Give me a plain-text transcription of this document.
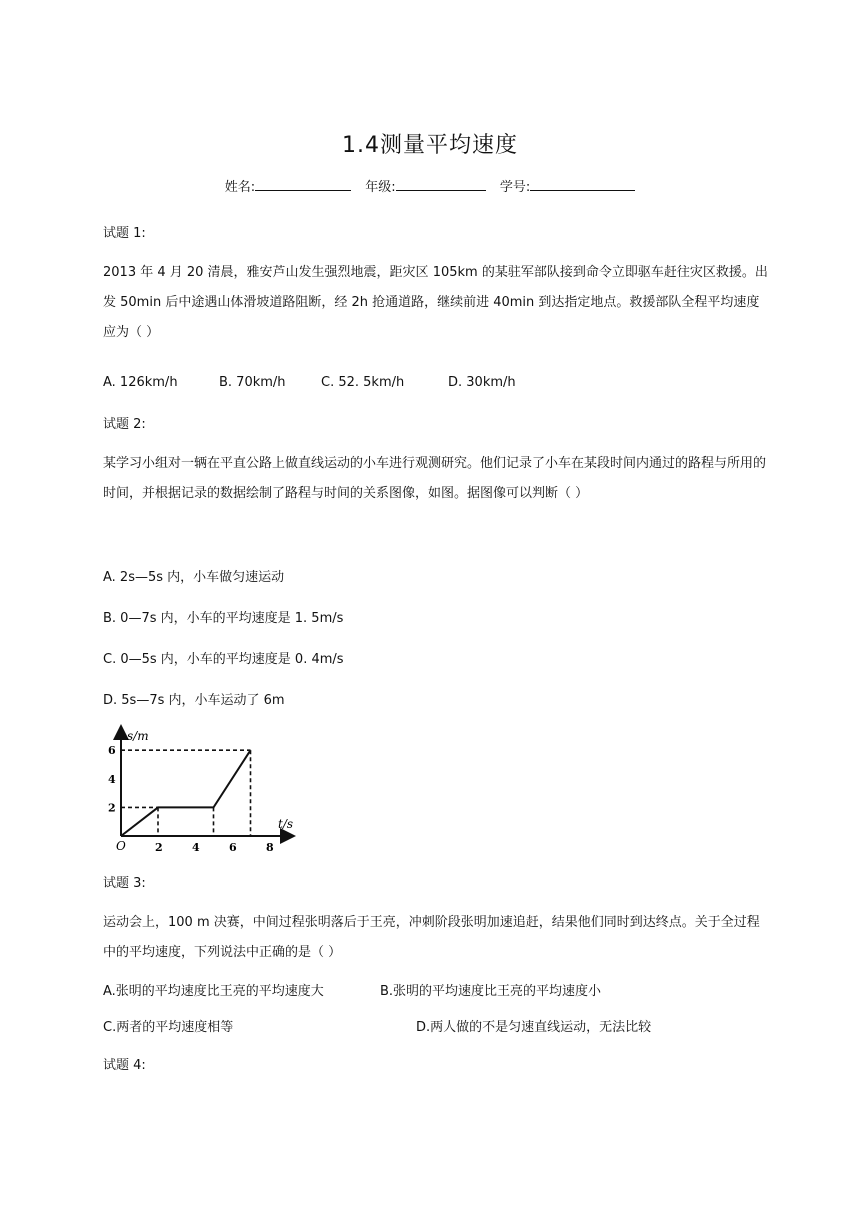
1.4测量平均速度
姓名:	年级:	学号:
试题 1:
2013 年 4 月 20 清晨，雅安芦山发生强烈地震，距灾区 105km 的某驻军部队接到命令立即驱车赶往灾区救援。出发 50min 后中途遇山体滑坡道路阻断，经 2h 抢通道路，继续前进 40min 到达指定地点。救援部队全程平均速度应为（ ）
A. 126km/h	B. 70km/h	C. 52. 5km/h	D. 30km/h
试题 2:
某学习小组对一辆在平直公路上做直线运动的小车进行观测研究。他们记录了小车在某段时间内通过的路程与所用的时间，并根据记录的数据绘制了路程与时间的关系图像，如图。据图像可以判断（ ）
A. 2s—5s 内，小车做匀速运动
B. 0—7s 内，小车的平均速度是 1. 5m/s
C. 0—5s 内，小车的平均速度是 0. 4m/s
D. 5s—7s 内，小车运动了 6m
s/m
t/s
O
2
4
6
2	4	6	8
试题 3:
运动会上，100 m 决赛，中间过程张明落后于王亮，冲刺阶段张明加速追赶，结果他们同时到达终点。关于全过程中的平均速度，下列说法中正确的是（ ）
A.张明的平均速度比王亮的平均速度大	B.张明的平均速度比王亮的平均速度小
C.两者的平均速度相等	D.两人做的不是匀速直线运动，无法比较
试题 4:
